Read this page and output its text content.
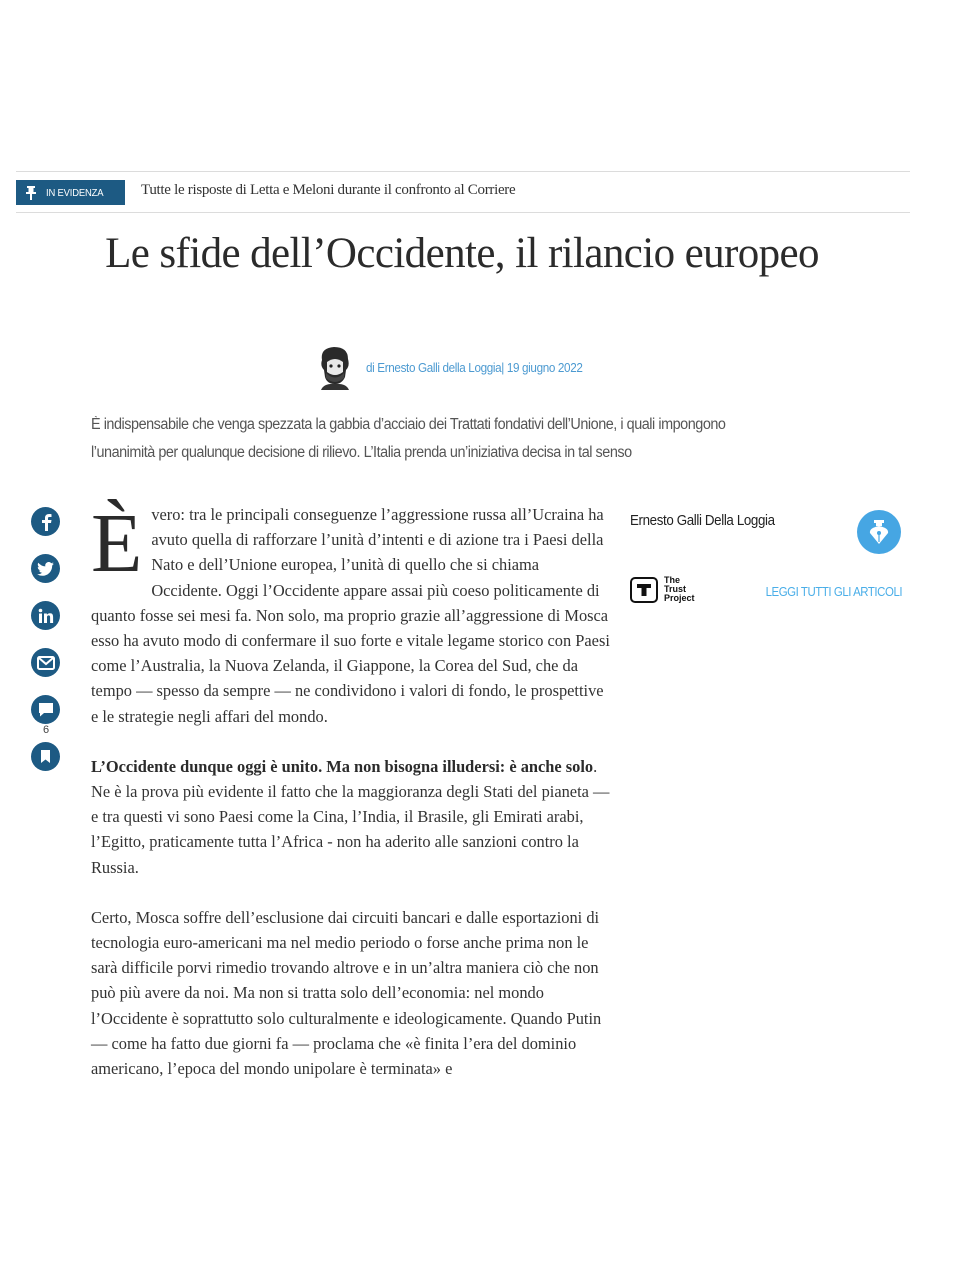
IN EVIDENZA	Tutte le risposte di Letta e Meloni durante il confronto al Corriere
Le sfide dell’Occidente, il rilancio europeo
di Ernesto Galli della Loggia| 19 giugno 2022
È indispensabile che venga spezzata la gabbia d’acciaio dei Trattati fondativi dell’Unione, i quali impongono
l’unanimità per qualunque decisione di rilievo. L’Italia prenda un’iniziativa decisa in tal senso
6

È vero: tra le principali conseguenze l’aggressione russa all’Ucraina ha avuto quella di rafforzare l’unità d’intenti e di azione tra i Paesi della Nato e dell’Unione europea, l’unità di quello che si chiama Occidente. Oggi l’Occidente appare assai più coeso politicamente di quanto fosse sei mesi fa. Non solo, ma proprio grazie all’aggressione di Mosca esso ha avuto modo di confermare il suo forte e vitale legame storico con Paesi come l’Australia, la Nuova Zelanda, il Giappone, la Corea del Sud, che da tempo — spesso da sempre — ne condividono i valori di fondo, le prospettive e le strategie negli affari del mondo.

L’Occidente dunque oggi è unito. Ma non bisogna illudersi: è anche solo. Ne è la prova più evidente il fatto che la maggioranza degli Stati del pianeta — e tra questi vi sono Paesi come la Cina, l’India, il Brasile, gli Emirati arabi, l’Egitto, praticamente tutta l’Africa - non ha aderito alle sanzioni contro la Russia.

Certo, Mosca soffre dell’esclusione dai circuiti bancari e dalle esportazioni di tecnologia euro-americani ma nel medio periodo o forse anche prima non le sarà difficile porvi rimedio trovando altrove e in un’altra maniera ciò che non può più avere da noi. Ma non si tratta solo dell’economia: nel mondo l’Occidente è soprattutto solo culturalmente e ideologicamente. Quando Putin — come ha fatto due giorni fa — proclama che «è finita l’era del dominio americano, l’epoca del mondo unipolare è terminata» e

Ernesto Galli Della Loggia
The
Trust
Project	LEGGI TUTTI GLI ARTICOLI
